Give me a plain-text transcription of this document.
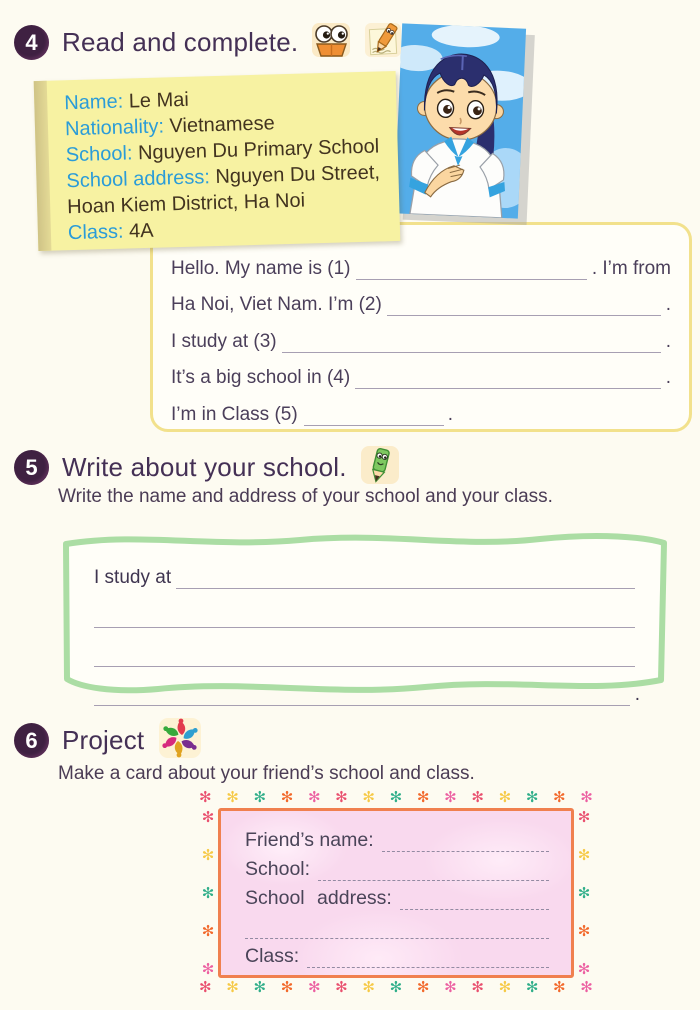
4 Read and complete.

Name: Le Mai

Nationality: Vietnamese

School: Nguyen Du Primary School

School address: Nguyen Du Street, Hoan Kiem District, Ha Noi

Class: 4A

Hello. My name is (1)	. I’m from
Ha Noi, Viet Nam. I’m (2)	.
I study at (3)	.
It’s a big school in (4)	.
I’m in Class (5)	.
5 Write about your school.
Write the name and address of your school and your class.
I study at
.
6 Project
Make a card about your friend’s school and class.
✻ ✻ ✻ ✻ ✻ ✻ ✻ ✻ ✻ ✻ ✻ ✻ ✻ ✻ ✻
✻
✻
✻
✻
✻
Friend’s name:
School:
School address:
Class:
✻
✻
✻
✻
✻
✻ ✻ ✻ ✻ ✻ ✻ ✻ ✻ ✻ ✻ ✻ ✻ ✻ ✻ ✻
